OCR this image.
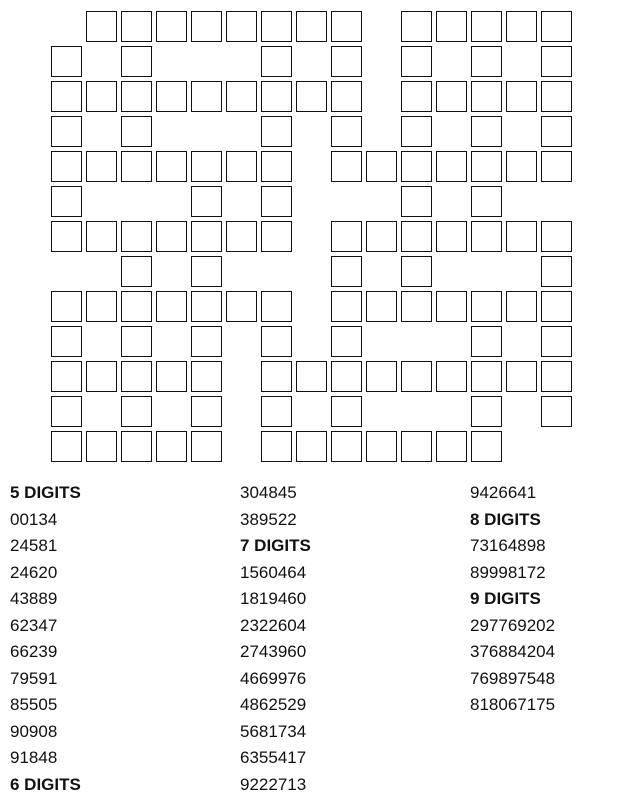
5 DIGITS
00134
24581
24620
43889
62347
66239
79591
85505
90908
91848
6 DIGITS
304845
389522
7 DIGITS
1560464
1819460
2322604
2743960
4669976
4862529
5681734
6355417
9222713
9426641
8 DIGITS
73164898
89998172
9 DIGITS
297769202
376884204
769897548
818067175
